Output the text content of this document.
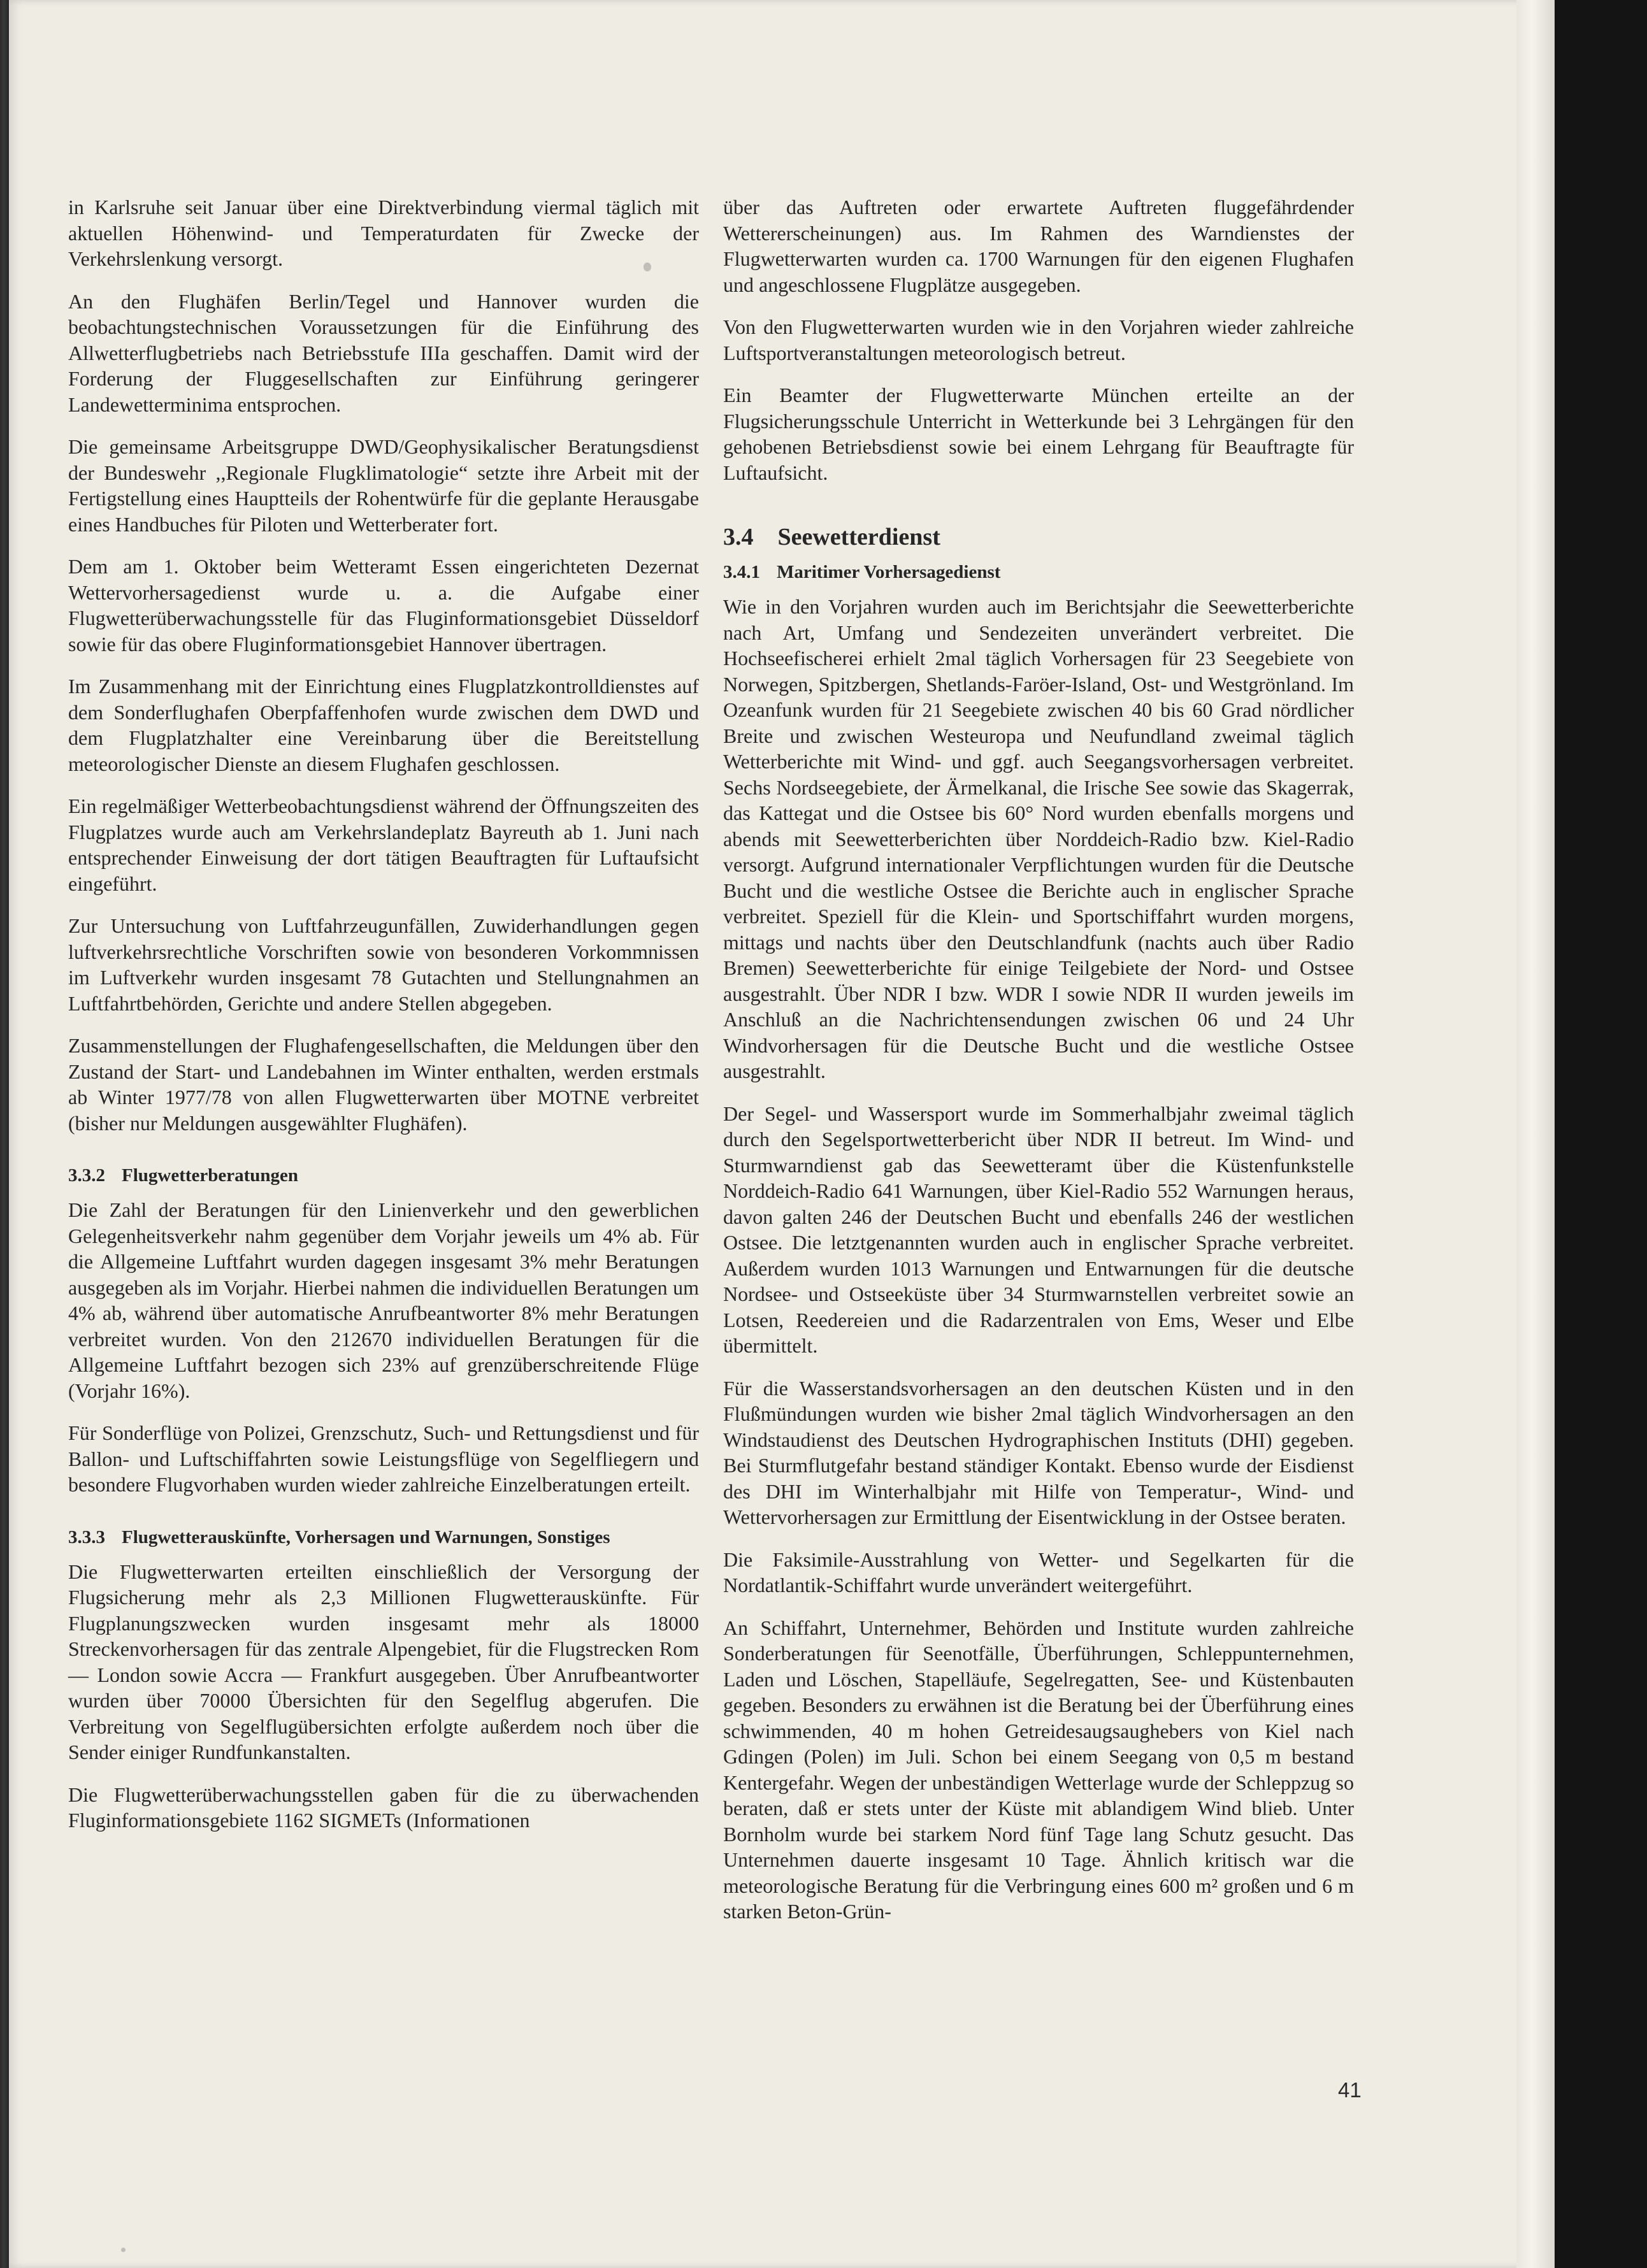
in Karlsruhe seit Januar über eine Direktverbindung viermal täglich mit aktuellen Höhenwind- und Temperaturdaten für Zwecke der Verkehrslenkung versorgt.

An den Flughäfen Berlin/Tegel und Hannover wurden die beobachtungstechnischen Voraussetzungen für die Einführung des Allwetterflugbetriebs nach Betriebsstufe IIIa geschaffen. Damit wird der Forderung der Fluggesellschaften zur Einführung geringerer Landewetterminima entsprochen.

Die gemeinsame Arbeitsgruppe DWD/Geophysikalischer Beratungsdienst der Bundeswehr ,,Regionale Flugklimatologie“ setzte ihre Arbeit mit der Fertigstellung eines Hauptteils der Rohentwürfe für die geplante Herausgabe eines Handbuches für Piloten und Wetterberater fort.

Dem am 1. Oktober beim Wetteramt Essen eingerichteten Dezernat Wettervorhersagedienst wurde u. a. die Aufgabe einer Flugwetterüberwachungsstelle für das Fluginformationsgebiet Düsseldorf sowie für das obere Fluginformationsgebiet Hannover übertragen.

Im Zusammenhang mit der Einrichtung eines Flugplatzkontrolldienstes auf dem Sonderflughafen Oberpfaffenhofen wurde zwischen dem DWD und dem Flugplatzhalter eine Vereinbarung über die Bereitstellung meteorologischer Dienste an diesem Flughafen geschlossen.

Ein regelmäßiger Wetterbeobachtungsdienst während der Öffnungszeiten des Flugplatzes wurde auch am Verkehrslandeplatz Bayreuth ab 1. Juni nach entsprechender Einweisung der dort tätigen Beauftragten für Luftaufsicht eingeführt.

Zur Untersuchung von Luftfahrzeugunfällen, Zuwiderhandlungen gegen luftverkehrsrechtliche Vorschriften sowie von besonderen Vorkommnissen im Luftverkehr wurden insgesamt 78 Gutachten und Stellungnahmen an Luftfahrtbehörden, Gerichte und andere Stellen abgegeben.

Zusammenstellungen der Flughafengesellschaften, die Meldungen über den Zustand der Start- und Landebahnen im Winter enthalten, werden erstmals ab Winter 1977/78 von allen Flugwetterwarten über MOTNE verbreitet (bisher nur Meldungen ausgewählter Flughäfen).

3.3.2 Flugwetterberatungen

Die Zahl der Beratungen für den Linienverkehr und den gewerblichen Gelegenheitsverkehr nahm gegenüber dem Vorjahr jeweils um 4% ab. Für die Allgemeine Luftfahrt wurden dagegen insgesamt 3% mehr Beratungen ausgegeben als im Vorjahr. Hierbei nahmen die individuellen Beratungen um 4% ab, während über automatische Anrufbeantworter 8% mehr Beratungen verbreitet wurden. Von den 212670 individuellen Beratungen für die Allgemeine Luftfahrt bezogen sich 23% auf grenzüberschreitende Flüge (Vorjahr 16%).

Für Sonderflüge von Polizei, Grenzschutz, Such- und Rettungsdienst und für Ballon- und Luftschiffahrten sowie Leistungsflüge von Segelfliegern und besondere Flugvorhaben wurden wieder zahlreiche Einzelberatungen erteilt.

3.3.3 Flugwetterauskünfte, Vorhersagen und Warnungen, Sonstiges

Die Flugwetterwarten erteilten einschließlich der Versorgung der Flugsicherung mehr als 2,3 Millionen Flugwetterauskünfte. Für Flugplanungszwecken wurden insgesamt mehr als 18000 Streckenvorhersagen für das zentrale Alpengebiet, für die Flugstrecken Rom — London sowie Accra — Frankfurt ausgegeben. Über Anrufbeantworter wurden über 70000 Übersichten für den Segelflug abgerufen. Die Verbreitung von Segelflugübersichten erfolgte außerdem noch über die Sender einiger Rundfunkanstalten.

Die Flugwetterüberwachungsstellen gaben für die zu überwachenden Fluginformationsgebiete 1162 SIGMETs (Informationen

über das Auftreten oder erwartete Auftreten fluggefährdender Wettererscheinungen) aus. Im Rahmen des Warndienstes der Flugwetterwarten wurden ca. 1700 Warnungen für den eigenen Flughafen und angeschlossene Flugplätze ausgegeben.

Von den Flugwetterwarten wurden wie in den Vorjahren wieder zahlreiche Luftsportveranstaltungen meteorologisch betreut.

Ein Beamter der Flugwetterwarte München erteilte an der Flugsicherungsschule Unterricht in Wetterkunde bei 3 Lehrgängen für den gehobenen Betriebsdienst sowie bei einem Lehrgang für Beauftragte für Luftaufsicht.

3.4 Seewetterdienst
3.4.1 Maritimer Vorhersagedienst

Wie in den Vorjahren wurden auch im Berichtsjahr die Seewetterberichte nach Art, Umfang und Sendezeiten unverändert verbreitet. Die Hochseefischerei erhielt 2mal täglich Vorhersagen für 23 Seegebiete von Norwegen, Spitzbergen, Shetlands-Faröer-Island, Ost- und Westgrönland. Im Ozeanfunk wurden für 21 Seegebiete zwischen 40 bis 60 Grad nördlicher Breite und zwischen Westeuropa und Neufundland zweimal täglich Wetterberichte mit Wind- und ggf. auch Seegangsvorhersagen verbreitet. Sechs Nordseegebiete, der Ärmelkanal, die Irische See sowie das Skagerrak, das Kattegat und die Ostsee bis 60° Nord wurden ebenfalls morgens und abends mit Seewetterberichten über Norddeich-Radio bzw. Kiel-Radio versorgt. Aufgrund internationaler Verpflichtungen wurden für die Deutsche Bucht und die westliche Ostsee die Berichte auch in englischer Sprache verbreitet. Speziell für die Klein- und Sportschiffahrt wurden morgens, mittags und nachts über den Deutschlandfunk (nachts auch über Radio Bremen) Seewetterberichte für einige Teilgebiete der Nord- und Ostsee ausgestrahlt. Über NDR I bzw. WDR I sowie NDR II wurden jeweils im Anschluß an die Nachrichtensendungen zwischen 06 und 24 Uhr Windvorhersagen für die Deutsche Bucht und die westliche Ostsee ausgestrahlt.

Der Segel- und Wassersport wurde im Sommerhalbjahr zweimal täglich durch den Segelsportwetterbericht über NDR II betreut. Im Wind- und Sturmwarndienst gab das Seewetteramt über die Küstenfunkstelle Norddeich-Radio 641 Warnungen, über Kiel-Radio 552 Warnungen heraus, davon galten 246 der Deutschen Bucht und ebenfalls 246 der westlichen Ostsee. Die letztgenannten wurden auch in englischer Sprache verbreitet. Außerdem wurden 1013 Warnungen und Entwarnungen für die deutsche Nordsee- und Ostseeküste über 34 Sturmwarnstellen verbreitet sowie an Lotsen, Reedereien und die Radarzentralen von Ems, Weser und Elbe übermittelt.

Für die Wasserstandsvorhersagen an den deutschen Küsten und in den Flußmündungen wurden wie bisher 2mal täglich Windvorhersagen an den Windstaudienst des Deutschen Hydrographischen Instituts (DHI) gegeben. Bei Sturmflutgefahr bestand ständiger Kontakt. Ebenso wurde der Eisdienst des DHI im Winterhalbjahr mit Hilfe von Temperatur-, Wind- und Wettervorhersagen zur Ermittlung der Eisentwicklung in der Ostsee beraten.

Die Faksimile-Ausstrahlung von Wetter- und Segelkarten für die Nordatlantik-Schiffahrt wurde unverändert weitergeführt.

An Schiffahrt, Unternehmer, Behörden und Institute wurden zahlreiche Sonderberatungen für Seenotfälle, Überführungen, Schleppunternehmen, Laden und Löschen, Stapelläufe, Segelregatten, See- und Küstenbauten gegeben. Besonders zu erwähnen ist die Beratung bei der Überführung eines schwimmenden, 40 m hohen Getreidesaugsaughebers von Kiel nach Gdingen (Polen) im Juli. Schon bei einem Seegang von 0,5 m bestand Kentergefahr. Wegen der unbeständigen Wetterlage wurde der Schleppzug so beraten, daß er stets unter der Küste mit ablandigem Wind blieb. Unter Bornholm wurde bei starkem Nord fünf Tage lang Schutz gesucht. Das Unternehmen dauerte insgesamt 10 Tage. Ähnlich kritisch war die meteorologische Beratung für die Verbringung eines 600 m² großen und 6 m starken Beton-Grün-

41
